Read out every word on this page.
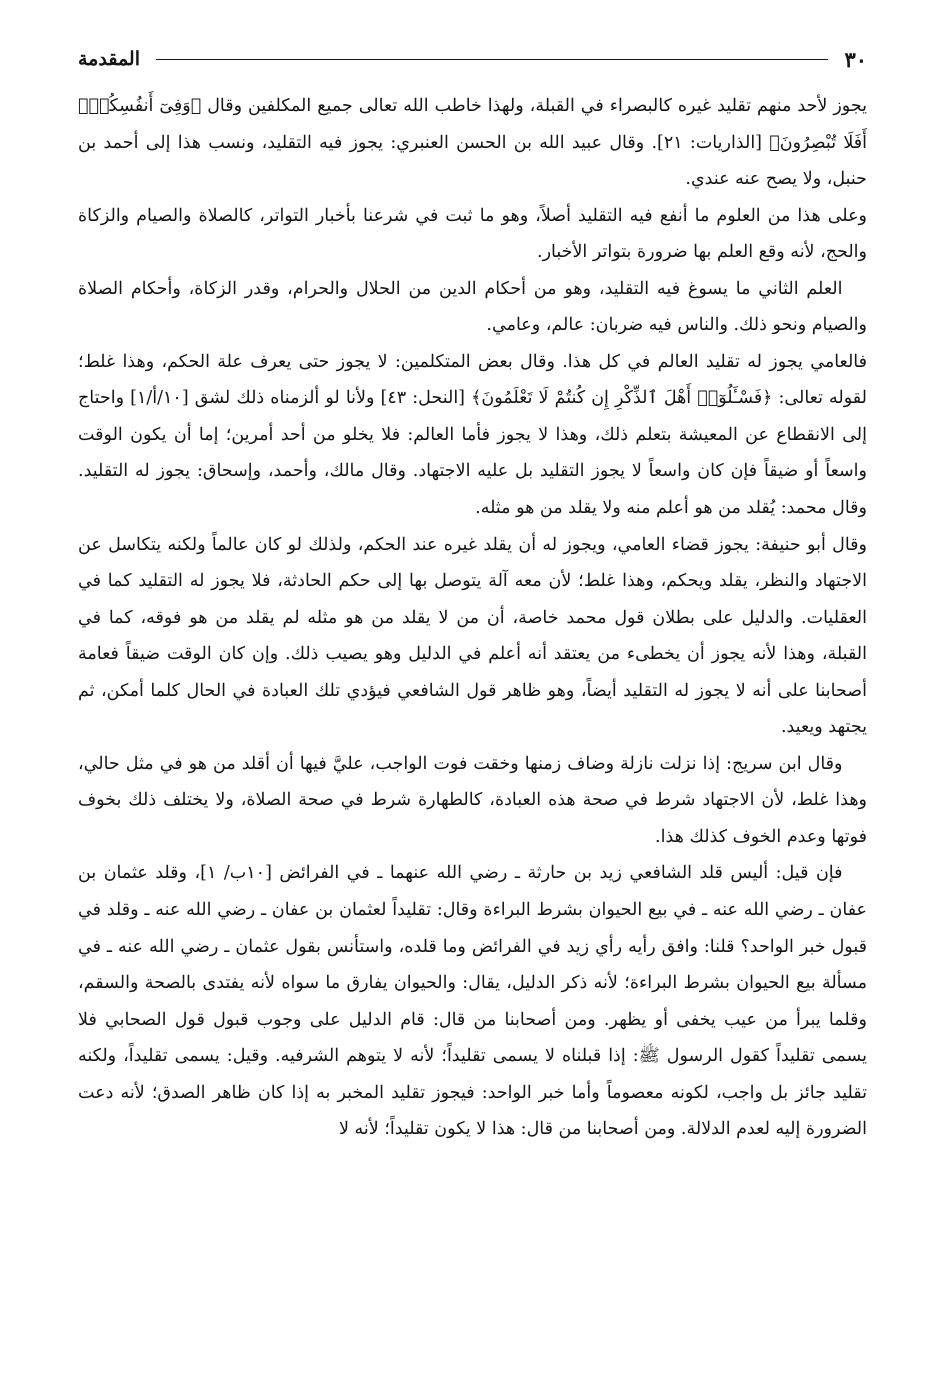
٣٠
المقدمة

يجوز لأحد منهم تقليد غيره كالبصراء في القبلة، ولهذا خاطب الله تعالى جميع المكلفين وقال ﴿وَفِىٓ أَنفُسِكُمْۚ أَفَلَا تُبْصِرُونَ﴾ [الذاريات: ٢١]. وقال عبيد الله بن الحسن العنبري: يجوز فيه التقليد، ونسب هذا إلى أحمد بن حنبل، ولا يصح عنه عندي.

وعلى هذا من العلوم ما أنفع فيه التقليد أصلاً، وهو ما ثبت في شرعنا بأخبار التواتر، كالصلاة والصيام والزكاة والحج، لأنه وقع العلم بها ضرورة بتواتر الأخبار.

العلم الثاني ما يسوغ فيه التقليد، وهو من أحكام الدين من الحلال والحرام، وقدر الزكاة، وأحكام الصلاة والصيام ونحو ذلك. والناس فيه ضربان: عالم، وعامي.

فالعامي يجوز له تقليد العالم في كل هذا. وقال بعض المتكلمين: لا يجوز حتى يعرف علة الحكم، وهذا غلط؛ لقوله تعالى: ﴿فَسْـَٔلُوٓا۟ أَهْلَ ٱلذِّكْرِ إِن كُنتُمْ لَا تَعْلَمُونَ﴾ [النحل: ٤٣] ولأنا لو ألزمناه ذلك لشق [١٠/أ/١] واحتاج إلى الانقطاع عن المعيشة بتعلم ذلك، وهذا لا يجوز فأما العالم: فلا يخلو من أحد أمرين؛ إما أن يكون الوقت واسعاً أو ضيقاً فإن كان واسعاً لا يجوز التقليد بل عليه الاجتهاد. وقال مالك، وأحمد، وإسحاق: يجوز له التقليد. وقال محمد: يُقلد من هو أعلم منه ولا يقلد من هو مثله.

وقال أبو حنيفة: يجوز قضاء العامي، ويجوز له أن يقلد غيره عند الحكم، ولذلك لو كان عالماً ولكنه يتكاسل عن الاجتهاد والنظر، يقلد ويحكم، وهذا غلط؛ لأن معه آلة يتوصل بها إلى حكم الحادثة، فلا يجوز له التقليد كما في العقليات. والدليل على بطلان قول محمد خاصة، أن من لا يقلد من هو مثله لم يقلد من هو فوقه، كما في القبلة، وهذا لأنه يجوز أن يخطىء من يعتقد أنه أعلم في الدليل وهو يصيب ذلك. وإن كان الوقت ضيقاً فعامة أصحابنا على أنه لا يجوز له التقليد أيضاً، وهو ظاهر قول الشافعي فيؤدي تلك العبادة في الحال كلما أمكن، ثم يجتهد ويعيد.

وقال ابن سريج: إذا نزلت نازلة وضاف زمنها وخقت فوت الواجب، عليَّ فيها أن أقلد من هو في مثل حالي، وهذا غلط، لأن الاجتهاد شرط في صحة هذه العبادة، كالطهارة شرط في صحة الصلاة، ولا يختلف ذلك بخوف فوتها وعدم الخوف كذلك هذا.

فإن قيل: أليس قلد الشافعي زيد بن حارثة ـ رضي الله عنهما ـ في الفرائض [١٠ب/ ١]، وقلد عثمان بن عفان ـ رضي الله عنه ـ في بيع الحيوان بشرط البراءة وقال: تقليداً لعثمان بن عفان ـ رضي الله عنه ـ وقلد في قبول خبر الواحد؟ قلنا: وافق رأيه رأي زيد في الفرائض وما قلده، واستأنس بقول عثمان ـ رضي الله عنه ـ في مسألة بيع الحيوان بشرط البراءة؛ لأنه ذكر الدليل، يقال: والحيوان يفارق ما سواه لأنه يفتدى بالصحة والسقم، وقلما يبرأ من عيب يخفى أو يظهر. ومن أصحابنا من قال: قام الدليل على وجوب قبول قول الصحابي فلا يسمى تقليداً كقول الرسول ﷺ: إذا قبلناه لا يسمى تقليداً؛ لأنه لا يتوهم الشرفيه. وقيل: يسمى تقليداً، ولكنه تقليد جائز بل واجب، لكونه معصوماً وأما خبر الواحد: فيجوز تقليد المخبر به إذا كان ظاهر الصدق؛ لأنه دعت الضرورة إليه لعدم الدلالة. ومن أصحابنا من قال: هذا لا يكون تقليداً؛ لأنه لا
